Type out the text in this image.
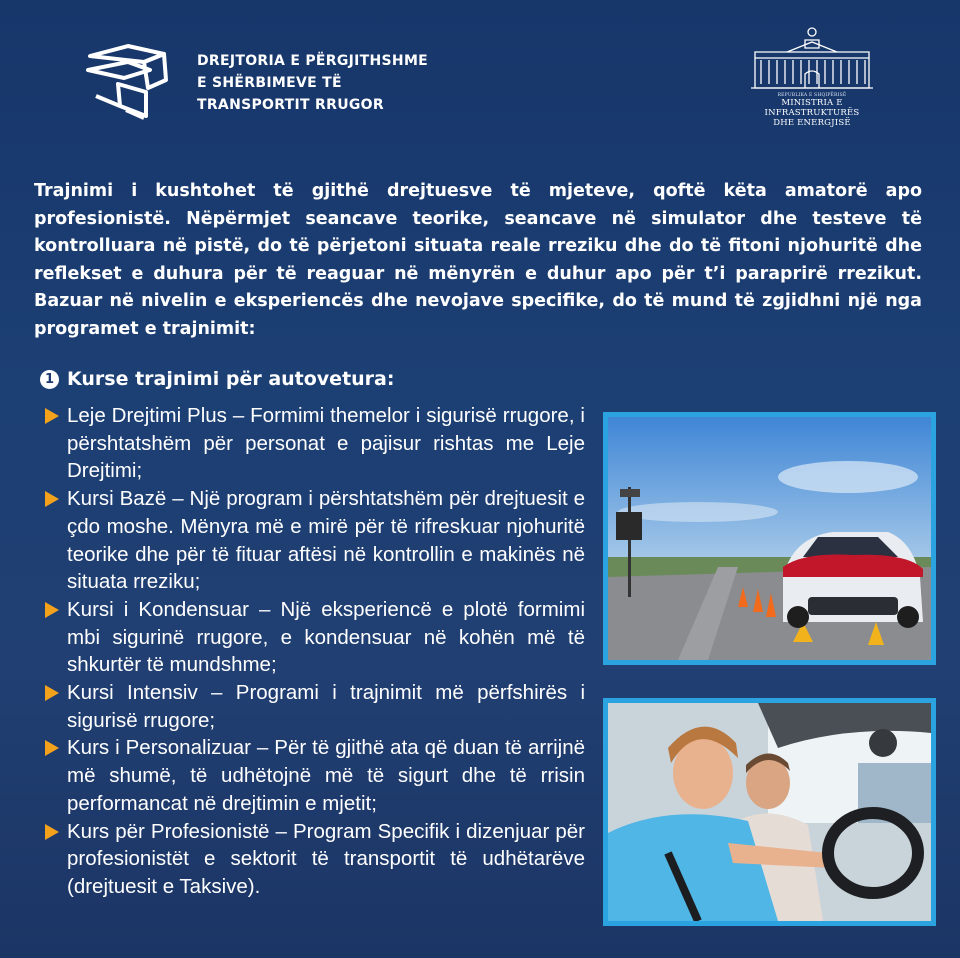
DREJTORIA E PËRGJITHSHME
E SHËRBIMEVE TË
TRANSPORTIT RRUGOR
REPUBLIKA E SHQIPËRISË
MINISTRIA E INFRASTRUKTURËS
DHE ENERGJISË
Trajnimi i kushtohet të gjithë drejtuesve të mjeteve, qoftë këta amatorë apo profesionistë. Nëpërmjet seancave teorike, seancave në simulator dhe testeve të kontrolluara në pistë, do të përjetoni situata reale rreziku dhe do të fitoni njohuritë dhe reflekset e duhura për të reaguar në mënyrën e duhur apo për t’i paraprirë rrezikut. Bazuar në nivelin e eksperiencës dhe nevojave specifike, do të mund të zgjidhni një nga programet e trajnimit:
1 Kurse trajnimi për autovetura:
Leje Drejtimi Plus – Formimi themelor i sigurisë rrugore, i përshtatshëm për personat e pajisur rishtas me Leje Drejtimi;
Kursi Bazë – Një program i përshtatshëm për drejtuesit e çdo moshe. Mënyra më e mirë për të rifreskuar njohuritë teorike dhe për të fituar aftësi në kontrollin e makinës në situata rreziku;
Kursi i Kondensuar – Një eksperiencë e plotë formimi mbi sigurinë rrugore, e kondensuar në kohën më të shkurtër të mundshme;
Kursi Intensiv – Programi i trajnimit më përfshirës i sigurisë rrugore;
Kurs i Personalizuar – Për të gjithë ata që duan të arrijnë më shumë, të udhëtojnë më të sigurt dhe të rrisin performancat në drejtimin e mjetit;
Kurs për Profesionistë – Program Specifik i dizenjuar për profesionistët e sektorit të transportit të udhëtarëve (drejtuesit e Taksive).
